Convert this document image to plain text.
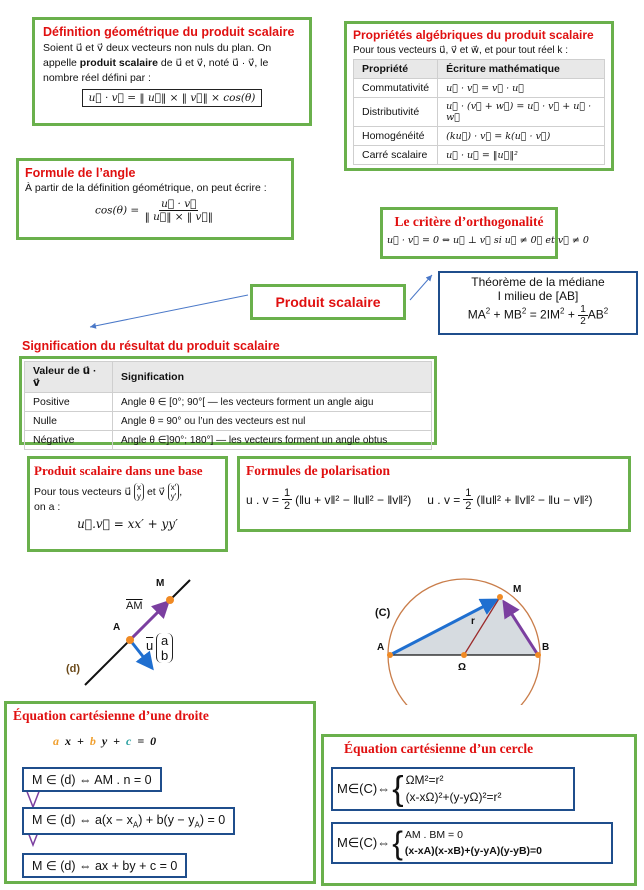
Définition géométrique du produit scalaire
Soient u⃗ et v⃗ deux vecteurs non nuls du plan. On
appelle produit scalaire de u⃗ et v⃗, noté u⃗ · v⃗, le
nombre réel défini par :
u⃗ · v⃗ = ‖ u⃗‖ × ‖ v⃗‖ × cos(θ)
Propriétés algébriques du produit scalaire
Pour tous vecteurs u⃗, v⃗ et w⃗, et pour tout réel k :
Propriété	Écriture mathématique
Commutativité	u⃗ · v⃗ = v⃗ · u⃗
Distributivité	u⃗ · (v⃗ + w⃗) = u⃗ · v⃗ + u⃗ · w⃗
Homogénéité	(ku⃗) · v⃗ = k(u⃗ · v⃗)
Carré scalaire	u⃗ · u⃗ = ‖u⃗‖²
Formule de l’angle
À partir de la définition géométrique, on peut écrire :
$\cos(\theta) = \frac{u⃗ \cdot v⃗}{‖ u⃗‖ \times ‖ v⃗‖}$	Le critère d’orthogonalité
u⃗ · v⃗ = 0 ⇔ u⃗ ⊥ v⃗ si u⃗ ≠ 0⃗ et v⃗ ≠ 0
Théorème de la médiane
I milieu de [AB]
$MA^2 + MB^2 = 2IM^2 + \frac{1}{2} AB^2$
Produit scalaire
Signification du résultat du produit scalaire
Valeur de u⃗ · v⃗	Signification
Positive	Angle θ ∈ [0°; 90°[ — les vecteurs forment un angle aigu
Nulle	Angle θ = 90° ou l’un des vecteurs est nul
Négative	Angle θ ∈]90°; 180°] — les vecteurs forment un angle obtus
Produit scalaire dans une base
Pour tous vecteurs u⃗ x
y et v⃗ x′
y′ ,
on a :
u⃗.v⃗ = xx′ + yy′
Formules de polarisation
u . $v = \frac{1}{2}$ (‖u + v‖² − ‖u‖² − ‖v‖²) u . $v = \frac{1}{2}$ (‖u‖² + ‖v‖² − ‖u − v‖²)
M
A
$\overline{AM}$
(d)
$\overline{u}$ a
b
(C)
A	B
M
r
Ω
Équation cartésienne d’une droite
a x + b y + c = 0
M ∈ (d) ⇔ AM . n = 0
M ∈ (d) ⇔ $a(x - x_A) + b(y - y_A) = 0$
M ∈ (d) ⇔ ax + by + c = 0
Équation cartésienne d’un cercle
M∈(C)⇔ { ΩM²=r²
(x-xΩ)²+(y-yΩ)²=r²
M∈(C)⇔ { AM . BM = 0
(x-xA)(x-xB)+(y-yA)(y-yB)=0
